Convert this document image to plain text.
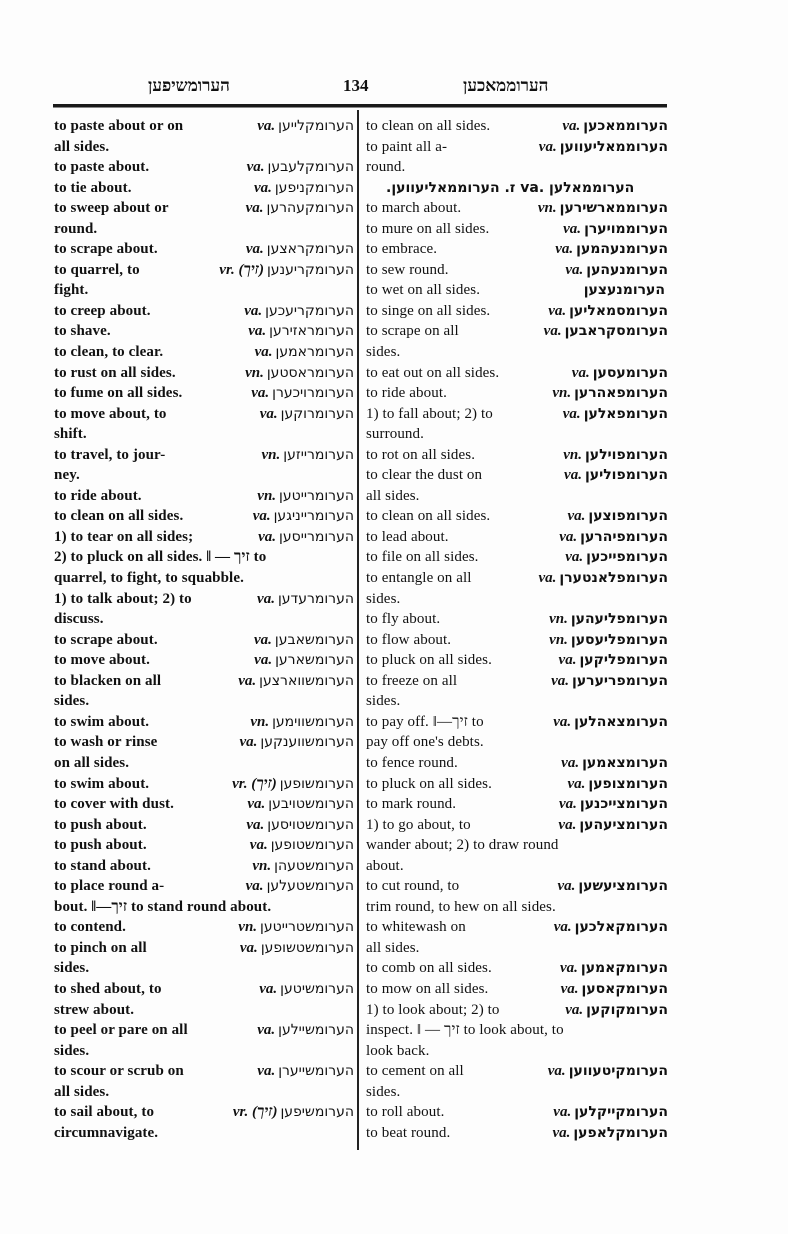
הערומשיפען	134	הערוממאכען
to paste about or on	va. הערומקלייען
all sides.
to paste about.	va. הערומקלעבען
to tie about.	va. הערומקניפען
to sweep about or	va. הערומקעהרען
round.
to scrape about.	va. הערומקראצען
to quarrel, to	vr. (זיך) הערומקריענען
fight.
to creep about.	va. הערומקריעכען
to shave.	va. הערומראזירען
to clean, to clear.	va. הערומראמען
to rust on all sides.	vn. הערומראסטען
to fume on all sides.	va. הערומרויכערן
to move about, to	va. הערומרוקען
shift.
to travel, to jour-	vn. הערומרייזען
ney.
to ride about.	vn. הערומרייטען
to clean on all sides.	va. הערומרייניגען
1) to tear on all sides;	va. הערומרייסען
2) to pluck on all sides. ‖ — זיך to
quarrel, to fight, to squabble.
1) to talk about; 2) to	va. הערומרעדען
discuss.
to scrape about.	va. הערומשאבען
to move about.	va. הערומשארען
to blacken on all	va. הערומשווארצען
sides.
to swim about.	vn. הערומשווימען
to wash or rinse	va. הערומשווענקען
on all sides.
to swim about.	vr. (זיך) הערומשופען
to cover with dust.	va. הערומשטויבען
to push about.	va. הערומשטויסען
to push about.	va. הערומשטופען
to stand about.	vn. הערומשטעהן
to place round a-	va. הערומשטעלען
bout. ‖—זיך to stand round about.
to contend.	vn. הערומשטרייטען
to pinch on all	va. הערומשטשופען
sides.
to shed about, to	va. הערומשיטען
strew about.
to peel or pare on all	va. הערומשיילען
sides.
to scour or scrub on	va. הערומשייערן
all sides.
to sail about, to	vr. (זיך) הערומשיפען
circumnavigate.
to clean on all sides.	va. הערוממאכען
to paint all a-	va. הערוממאליעווען
round.
הערוממאלען .va ז. הערוממאליעווען.
to march about.	vn. הערוממארשירען
to mure on all sides.	va. הערוממויערן
to embrace.	va. הערומנעהמען
to sew round.	va. הערומנעהען
to wet on all sides.	הערומנעצען
to singe on all sides.	va. הערומסמאליען
to scrape on all	va. הערומסקראבען
sides.
to eat out on all sides.	va. הערומעסען
to ride about.	vn. הערומפאהרען
1) to fall about; 2) to	va. הערומפאלען
surround.
to rot on all sides.	vn. הערומפוילען
to clear the dust on	va. הערומפוליען
all sides.
to clean on all sides.	va. הערומפוצען
to lead about.	va. הערומפיהרען
to file on all sides.	va. הערומפייכען
to entangle on all	va. הערומפלאנטערן
sides.
to fly about.	vn. הערומפליעהען
to flow about.	vn. הערומפליעסען
to pluck on all sides.	va. הערומפליקען
to freeze on all	va. הערומפריערען
sides.
to pay off. ‖—זיך to	va. הערומצאהלען
pay off one's debts.
to fence round.	va. הערומצאמען
to pluck on all sides.	va. הערומצופען
to mark round.	va. הערומצייכנען
1) to go about, to	va. הערומציעהען
wander about; 2) to draw round
about.
to cut round, to	va. הערומציעשען
trim round, to hew on all sides.
to whitewash on	va. הערומקאלכען
all sides.
to comb on all sides.	va. הערומקאמען
to mow on all sides.	va. הערומקאסען
1) to look about; 2) to	va. הערומקוקען
inspect. ‖ — זיך to look about, to
look back.
to cement on all	va. הערומקיטעווען
sides.
to roll about.	va. הערומקייקלען
to beat round.	va. הערומקלאפען
